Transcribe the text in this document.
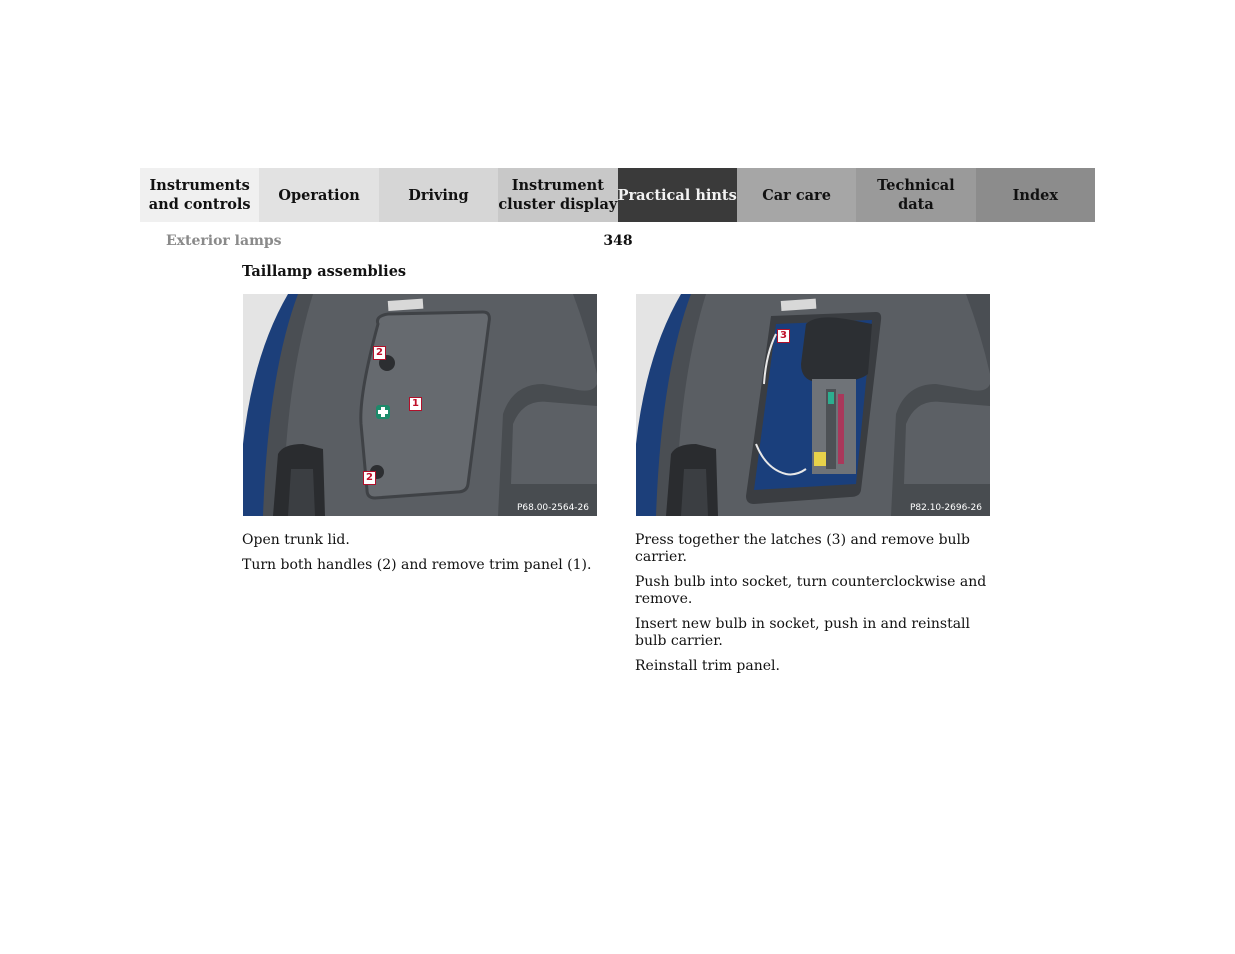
Instruments
and controls
Operation	Driving
Instrument
cluster display
Practical hints	Car care
Technical
data
Index
Exterior lamps	348
Taillamp assemblies
2
1
2
P68.00-2564-26
3
P82.10-2696-26

Open trunk lid.

Turn both handles (2) and remove trim panel (1).

Press together the latches (3) and remove bulb carrier.

Push bulb into socket, turn counterclockwise and remove.

Insert new bulb in socket, push in and reinstall bulb carrier.

Reinstall trim panel.
